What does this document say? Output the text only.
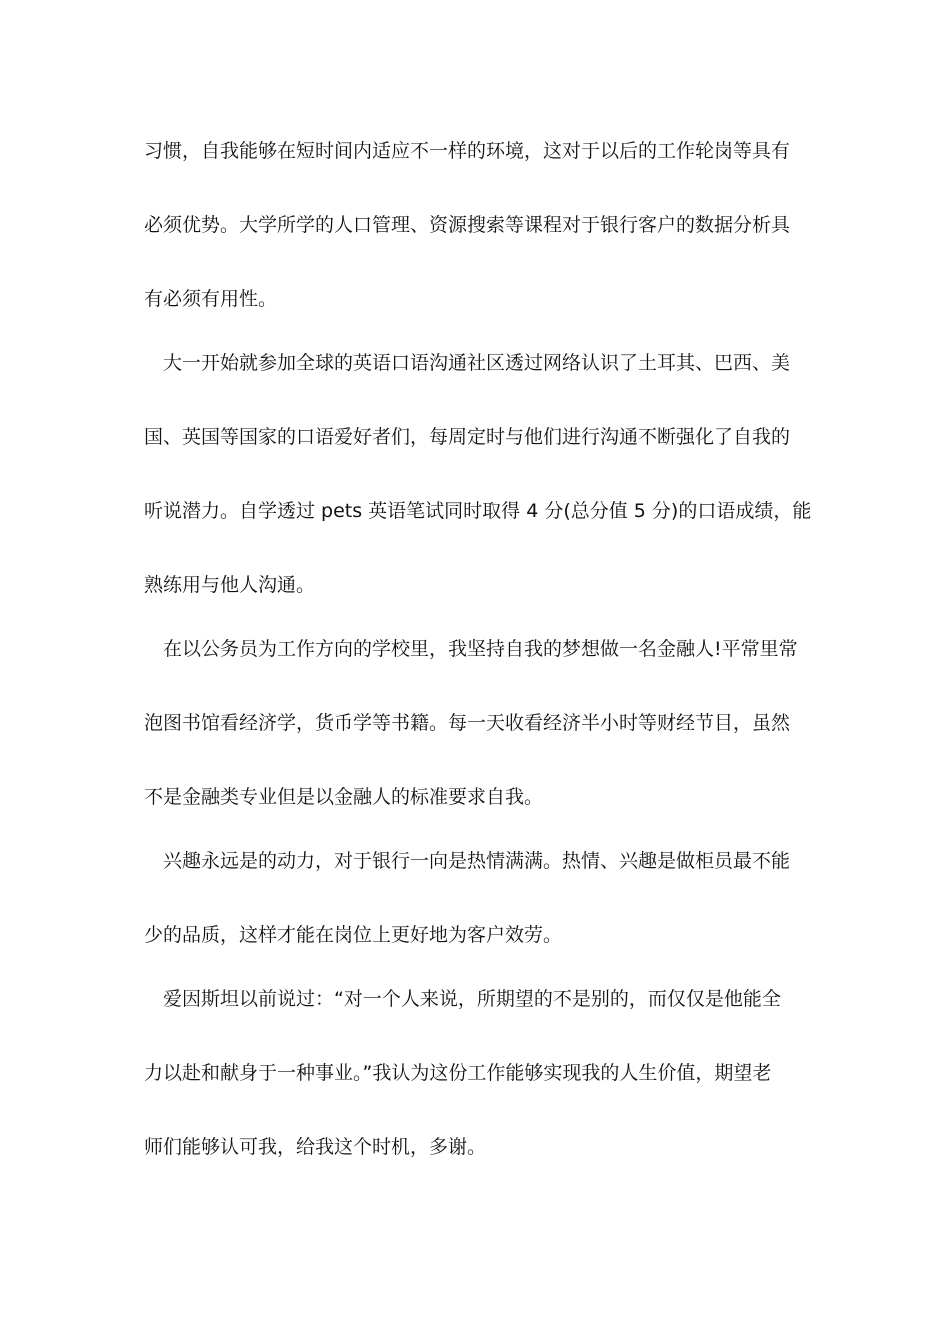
习惯，自我能够在短时间内适应不一样的环境，这对于以后的工作轮岗等具有
必须优势。大学所学的人口管理、资源搜索等课程对于银行客户的数据分析具
有必须有用性。
大一开始就参加全球的英语口语沟通社区透过网络认识了土耳其、巴西、美
国、英国等国家的口语爱好者们，每周定时与他们进行沟通不断强化了自我的
听说潜力。自学透过 pets 英语笔试同时取得 4 分(总分值 5 分)的口语成绩，能
熟练用与他人沟通。
在以公务员为工作方向的学校里，我坚持自我的梦想做一名金融人!平常里常
泡图书馆看经济学，货币学等书籍。每一天收看经济半小时等财经节目，虽然
不是金融类专业但是以金融人的标准要求自我。
兴趣永远是的动力，对于银行一向是热情满满。热情、兴趣是做柜员最不能
少的品质，这样才能在岗位上更好地为客户效劳。
爱因斯坦以前说过：“对一个人来说，所期望的不是别的，而仅仅是他能全
力以赴和献身于一种事业。”我认为这份工作能够实现我的人生价值，期望老
师们能够认可我，给我这个时机，多谢。
